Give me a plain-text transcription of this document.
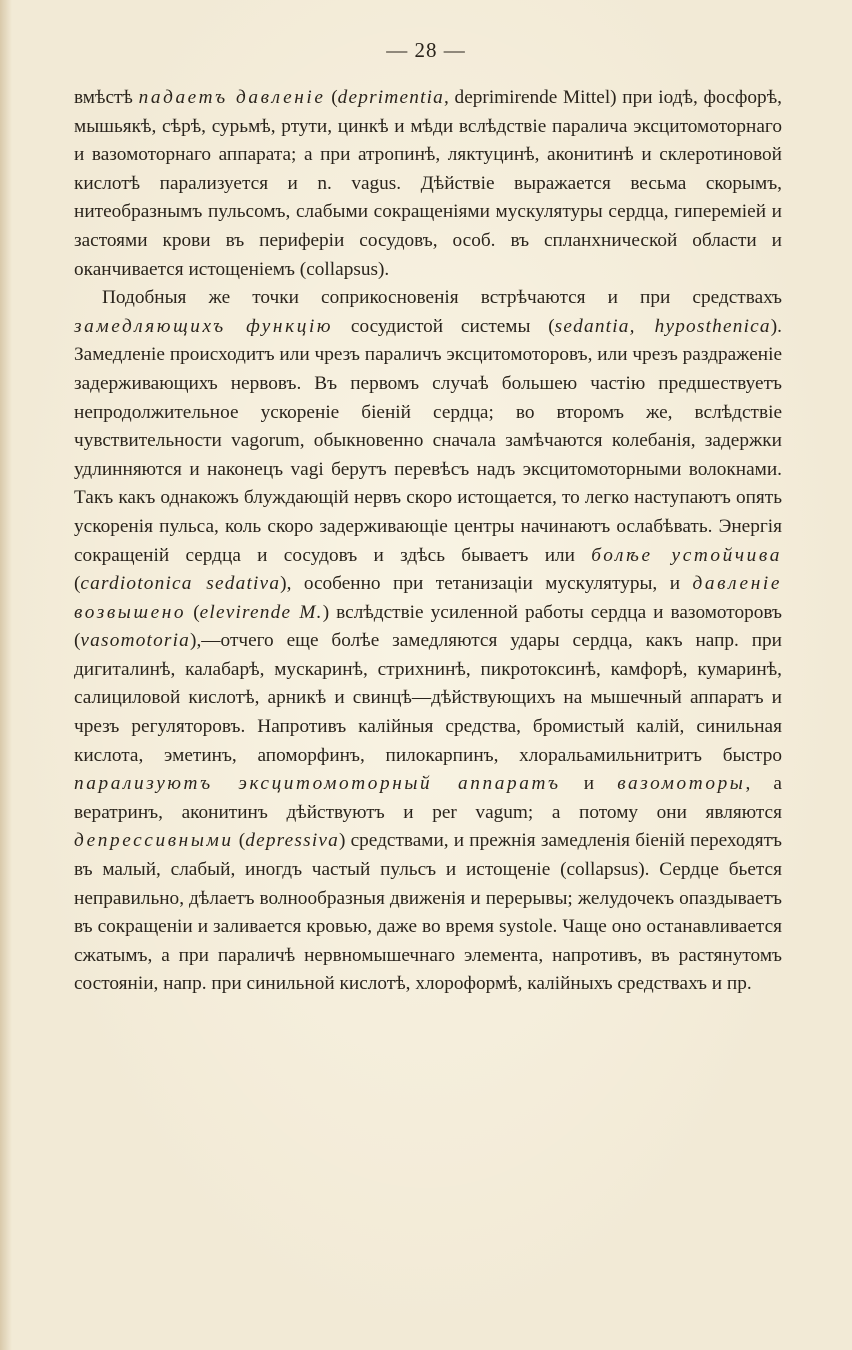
— 28 —

вмѣстѣ падаетъ давленіе (deprimentia, deprimirende Mittel) при іодѣ, фосфорѣ, мышьякѣ, сѣрѣ, сурьмѣ, ртути, цинкѣ и мѣди вслѣдствіе паралича эксцитомоторнаго и вазомоторнаго аппарата; а при атропинѣ, ляктуцинѣ, аконитинѣ и склеротиновой кислотѣ парализуется и n. vagus. Дѣйствіе выражается весьма скорымъ, нитеобразнымъ пульсомъ, слабыми сокращеніями мускулятуры сердца, гипереміей и застоями крови въ периферіи сосудовъ, особ. въ спланхнической области и оканчивается истощеніемъ (collapsus).

Подобныя же точки соприкосновенія встрѣчаются и при средствахъ замедляющихъ функцію сосудистой системы (sedantia, hyposthenica). Замедленіе происходитъ или чрезъ параличъ эксцитомоторовъ, или чрезъ раздраженіе задерживающихъ нервовъ. Въ первомъ случаѣ большею частію предшествуетъ непродолжительное ускореніе біеній сердца; во второмъ же, вслѣдствіе чувствительности vagorum, обыкновенно сначала замѣчаются колебанія, задержки удлинняются и наконецъ vagi берутъ перевѣсъ надъ эксцитомоторными волокнами. Такъ какъ однакожъ блуждающій нервъ скоро истощается, то легко наступаютъ опять ускоренія пульса, коль скоро задерживающіе центры начинаютъ ослабѣвать. Энергія сокращеній сердца и сосудовъ и здѣсь бываетъ или болѣе устойчива (cardiotonica sedativa), особенно при тетанизаціи мускулятуры, и давленіе возвышено (elevirende M.) вслѣдствіе усиленной работы сердца и вазомоторовъ (vasomotoria),—отчего еще болѣе замедляются удары сердца, какъ напр. при дигиталинѣ, калабарѣ, мускаринѣ, стрихнинѣ, пикротоксинѣ, камфорѣ, кумаринѣ, салициловой кислотѣ, арникѣ и свинцѣ—дѣйствующихъ на мышечный аппаратъ и чрезъ регуляторовъ. Напротивъ калійныя средства, бромистый калій, синильная кислота, эметинъ, апоморфинъ, пилокарпинъ, хлоральамильнитритъ быстро парализуютъ эксцитомоторный аппаратъ и вазомоторы, а вератринъ, аконитинъ дѣйствуютъ и per vagum; а потому они являются депрессивными (depressiva) средствами, и прежнія замедленія біеній переходятъ въ малый, слабый, иногдъ частый пульсъ и истощеніе (collapsus). Сердце бьется неправильно, дѣлаетъ волнообразныя движенія и перерывы; желудочекъ опаздываетъ въ сокращеніи и заливается кровью, даже во время systole. Чаще оно останавливается сжатымъ, а при параличѣ нервномышечнаго элемента, напротивъ, въ растянутомъ состояніи, напр. при синильной кислотѣ, хлороформѣ, калійныхъ средствахъ и пр.
